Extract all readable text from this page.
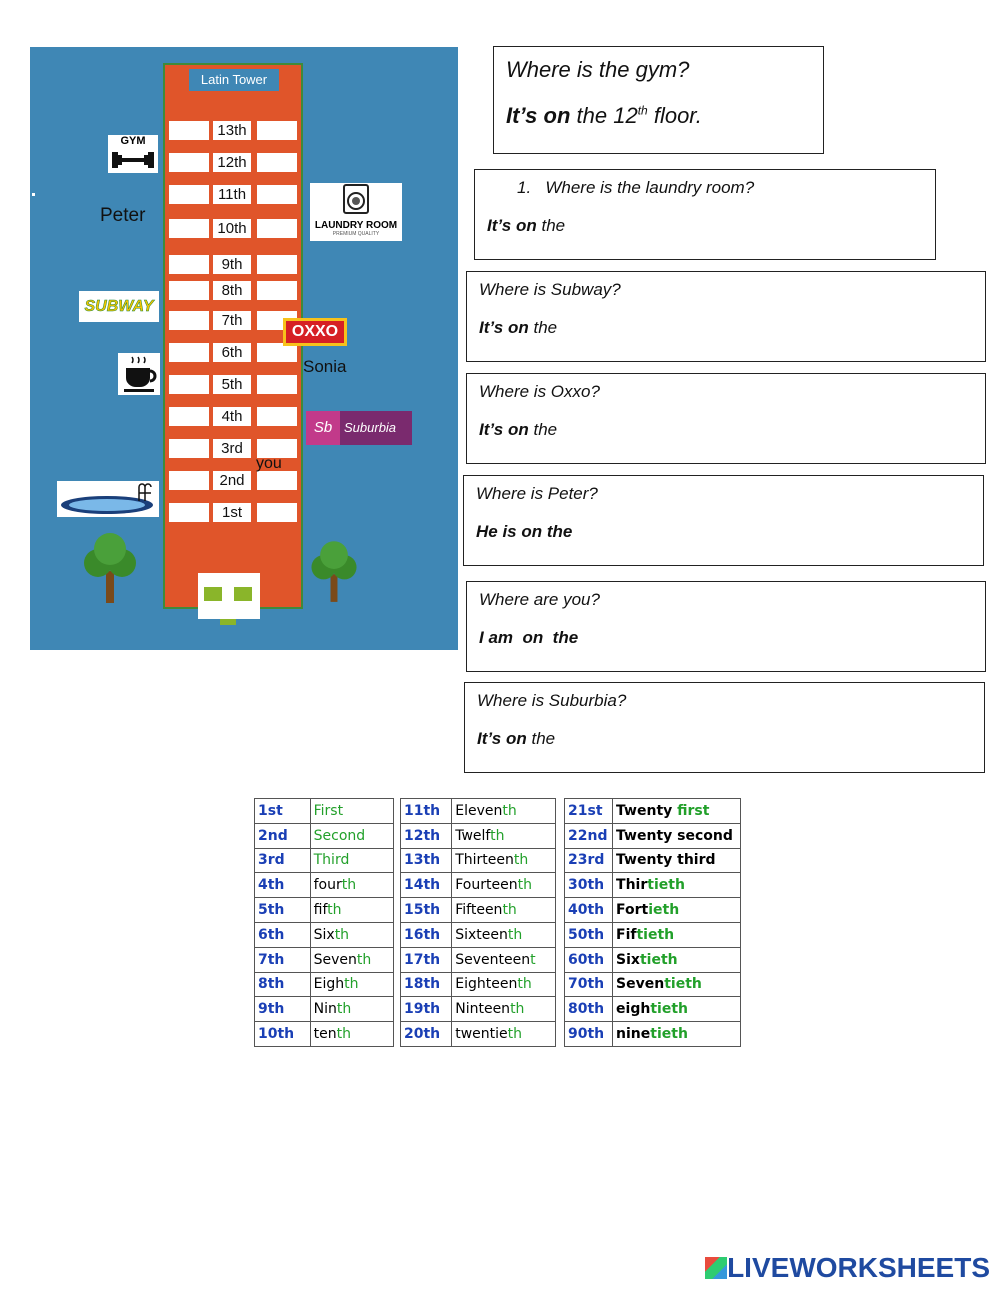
Latin Tower
13th
12th
11th
10th
9th
8th
7th
6th
5th
4th
3rd
2nd
1st
GYM
Peter
SUBWAY
LAUNDRY ROOM
PREMIUM QUALITY
OXXO
Sonia
Sb Suburbia
you
Where is the gym?
It’s on the 12th floor.
1.   Where is the laundry room?
It’s on the
Where is Subway?
It’s on the
Where is Oxxo?
It’s on the
Where is Peter?
He is on the
Where are you?
I am  on  the
Where is Suburbia?
It’s on the
1st	First
2nd	Second
3rd	Third
4th	fourth
5th	fifth
6th	Sixth
7th	Seventh
8th	Eighth
9th	Ninth
10th	tenth
11th	Eleventh
12th	Twelfth
13th	Thirteenth
14th	Fourteenth
15th	Fifteenth
16th	Sixteenth
17th	Seventeent
18th	Eighteenth
19th	Ninteenth
20th	twentieth
21st	Twenty first
22nd	Twenty second
23rd	Twenty third
30th	Thirtieth
40th	Fortieth
50th	Fiftieth
60th	Sixtieth
70th	Seventieth
80th	eightieth
90th	ninetieth
LIVEWORKSHEETS
